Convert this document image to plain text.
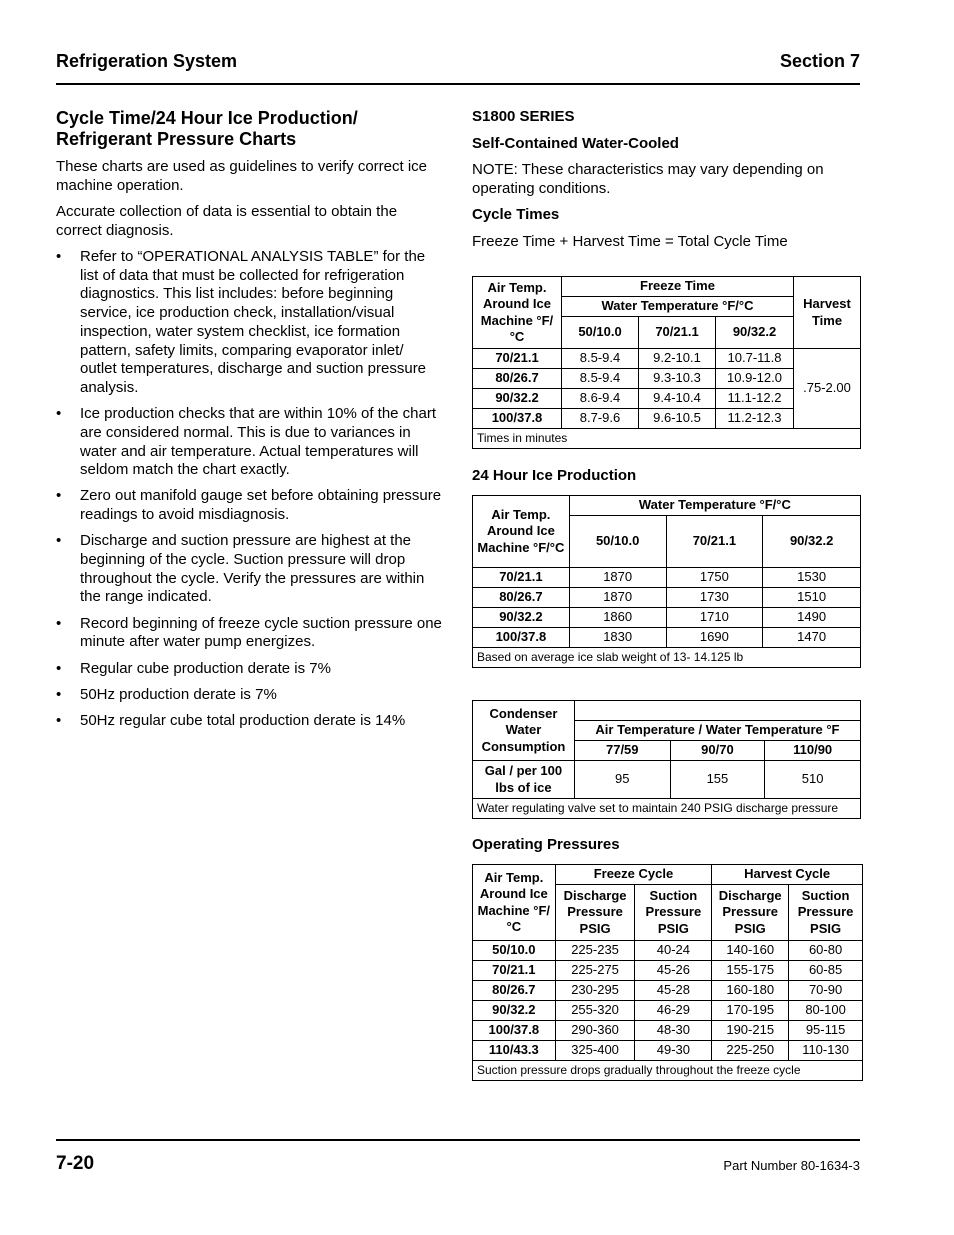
Refrigeration System	Section 7
Cycle Time/24 Hour Ice Production/
Refrigerant Pressure Charts

These charts are used as guidelines to verify correct ice machine operation.

Accurate collection of data is essential to obtain the correct diagnosis.

• Refer to “OPERATIONAL ANALYSIS TABLE” for the list of data that must be collected for refrigeration diagnostics. This list includes: before beginning service, ice production check, installation/visual inspection, water system checklist, ice formation pattern, safety limits, comparing evaporator inlet/ outlet temperatures, discharge and suction pressure analysis.
• Ice production checks that are within 10% of the chart are considered normal. This is due to variances in water and air temperature. Actual temperatures will seldom match the chart exactly.
• Zero out manifold gauge set before obtaining pressure readings to avoid misdiagnosis.
• Discharge and suction pressure are highest at the beginning of the cycle. Suction pressure will drop throughout the cycle. Verify the pressures are within the range indicated.
• Record beginning of freeze cycle suction pressure one minute after water pump energizes.
• Regular cube production derate is 7%
• 50Hz production derate is 7%
• 50Hz regular cube total production derate is 14%
S1800 SERIES
Self-Contained Water-Cooled

NOTE: These characteristics may vary depending on operating conditions.

Cycle Times

Freeze Time + Harvest Time = Total Cycle Time

Air Temp. Around Ice Machine °F/°C	Freeze Time			Harvest Time
	Water Temperature °F/°C			
	50/10.0	70/21.1	90/32.2	
70/21.1	8.5-9.4	9.2-10.1	10.7-11.8	.75-2.00
80/26.7	8.5-9.4	9.3-10.3	10.9-12.0	
90/32.2	8.6-9.4	9.4-10.4	11.1-12.2	
100/37.8	8.7-9.6	9.6-10.5	11.2-12.3	
Times in minutes				
24 Hour Ice Production
Air Temp. Around Ice Machine °F/°C	Water Temperature °F/°C		
	50/10.0	70/21.1	90/32.2
70/21.1	1870	1750	1530
80/26.7	1870	1730	1510
90/32.2	1860	1710	1490
100/37.8	1830	1690	1470
Based on average ice slab weight of 13- 14.125 lb			
Condenser Water Consumption			
	Air Temperature / Water Temperature °F		
	77/59	90/70	110/90
Gal / per 100 lbs of ice	95	155	510
Water regulating valve set to maintain 240 PSIG discharge pressure			
Operating Pressures
Air Temp. Around Ice Machine °F/°C	Freeze Cycle		Harvest Cycle	
	Discharge Pressure PSIG	Suction Pressure PSIG	Discharge Pressure PSIG	Suction Pressure PSIG
50/10.0	225-235	40-24	140-160	60-80
70/21.1	225-275	45-26	155-175	60-85
80/26.7	230-295	45-28	160-180	70-90
90/32.2	255-320	46-29	170-195	80-100
100/37.8	290-360	48-30	190-215	95-115
110/43.3	325-400	49-30	225-250	110-130
Suction pressure drops gradually throughout the freeze cycle				
7-20	Part Number 80-1634-3
